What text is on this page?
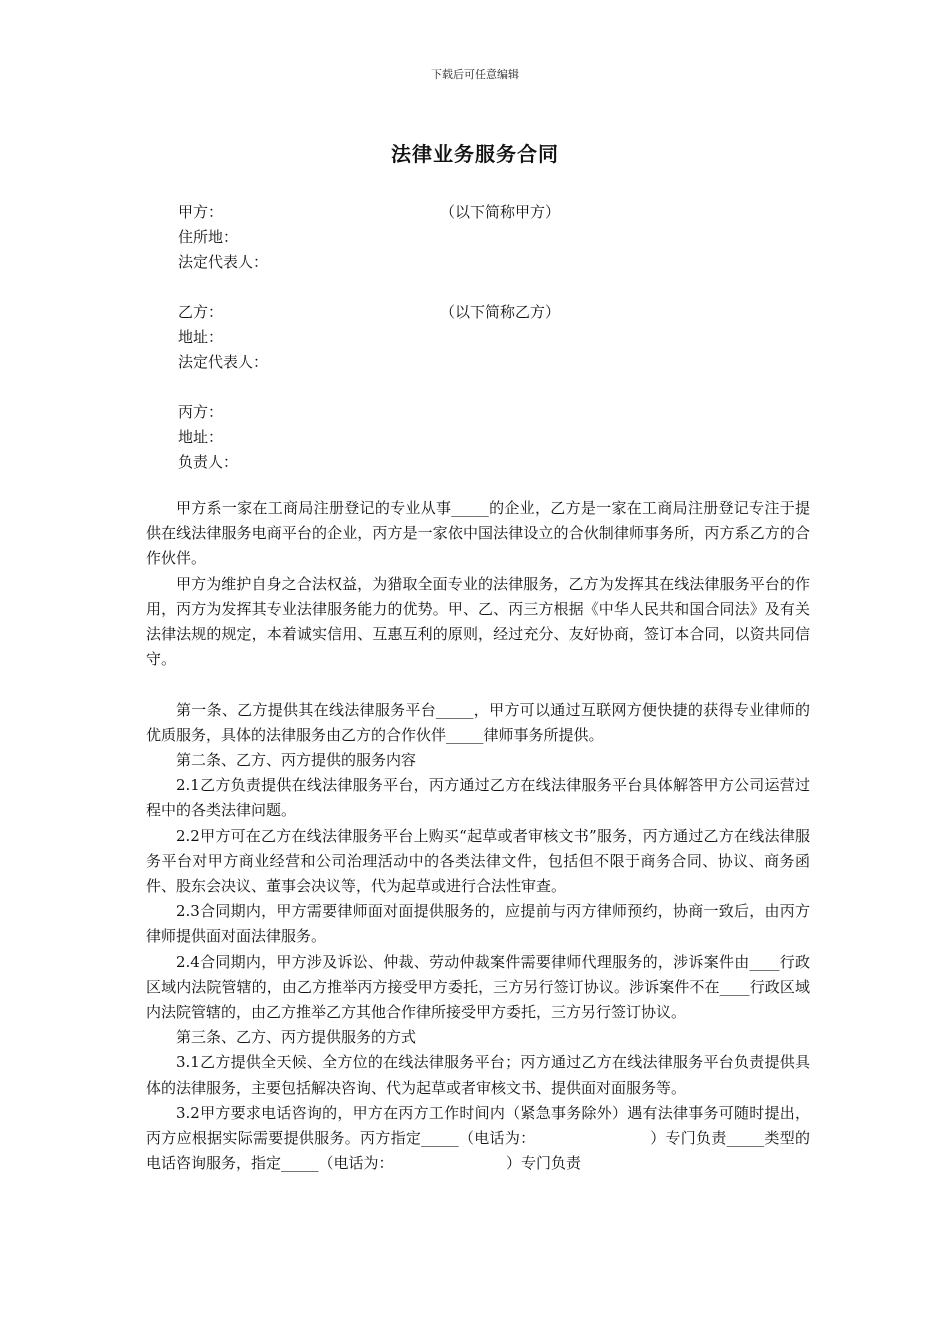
下载后可任意编辑
法律业务服务合同
甲方：	（以下简称甲方）
住所地：
法定代表人：
乙方：	（以下简称乙方）
地址：
法定代表人：
丙方：
地址：
负责人：

甲方系一家在工商局注册登记的专业从事_____的企业，乙方是一家在工商局注册登记专注于提供在线法律服务电商平台的企业，丙方是一家依中国法律设立的合伙制律师事务所，丙方系乙方的合作伙伴。

甲方为维护自身之合法权益，为猎取全面专业的法律服务，乙方为发挥其在线法律服务平台的作用，丙方为发挥其专业法律服务能力的优势。甲、乙、丙三方根据《中华人民共和国合同法》及有关法律法规的规定，本着诚实信用、互惠互利的原则，经过充分、友好协商，签订本合同，以资共同信守。

第一条、乙方提供其在线法律服务平台_____，甲方可以通过互联网方便快捷的获得专业律师的优质服务，具体的法律服务由乙方的合作伙伴_____律师事务所提供。

第二条、乙方、丙方提供的服务内容

2.1乙方负责提供在线法律服务平台，丙方通过乙方在线法律服务平台具体解答甲方公司运营过程中的各类法律问题。

2.2甲方可在乙方在线法律服务平台上购买“起草或者审核文书”服务，丙方通过乙方在线法律服务平台对甲方商业经营和公司治理活动中的各类法律文件，包括但不限于商务合同、协议、商务函件、股东会决议、董事会决议等，代为起草或进行合法性审查。

2.3合同期内，甲方需要律师面对面提供服务的，应提前与丙方律师预约，协商一致后，由丙方律师提供面对面法律服务。

2.4合同期内，甲方涉及诉讼、仲裁、劳动仲裁案件需要律师代理服务的，涉诉案件由____行政区域内法院管辖的，由乙方推举丙方接受甲方委托，三方另行签订协议。涉诉案件不在____行政区域内法院管辖的，由乙方推举乙方其他合作律所接受甲方委托，三方另行签订协议。

第三条、乙方、丙方提供服务的方式

3.1乙方提供全天候、全方位的在线法律服务平台；丙方通过乙方在线法律服务平台负责提供具体的法律服务，主要包括解决咨询、代为起草或者审核文书、提供面对面服务等。

3.2甲方要求电话咨询的，甲方在丙方工作时间内（紧急事务除外）遇有法律事务可随时提出，丙方应根据实际需要提供服务。丙方指定_____（电话为：　　　　　　　　）专门负责_____类型的电话咨询服务，指定_____（电话为：　　　　　　　　）专门负责
